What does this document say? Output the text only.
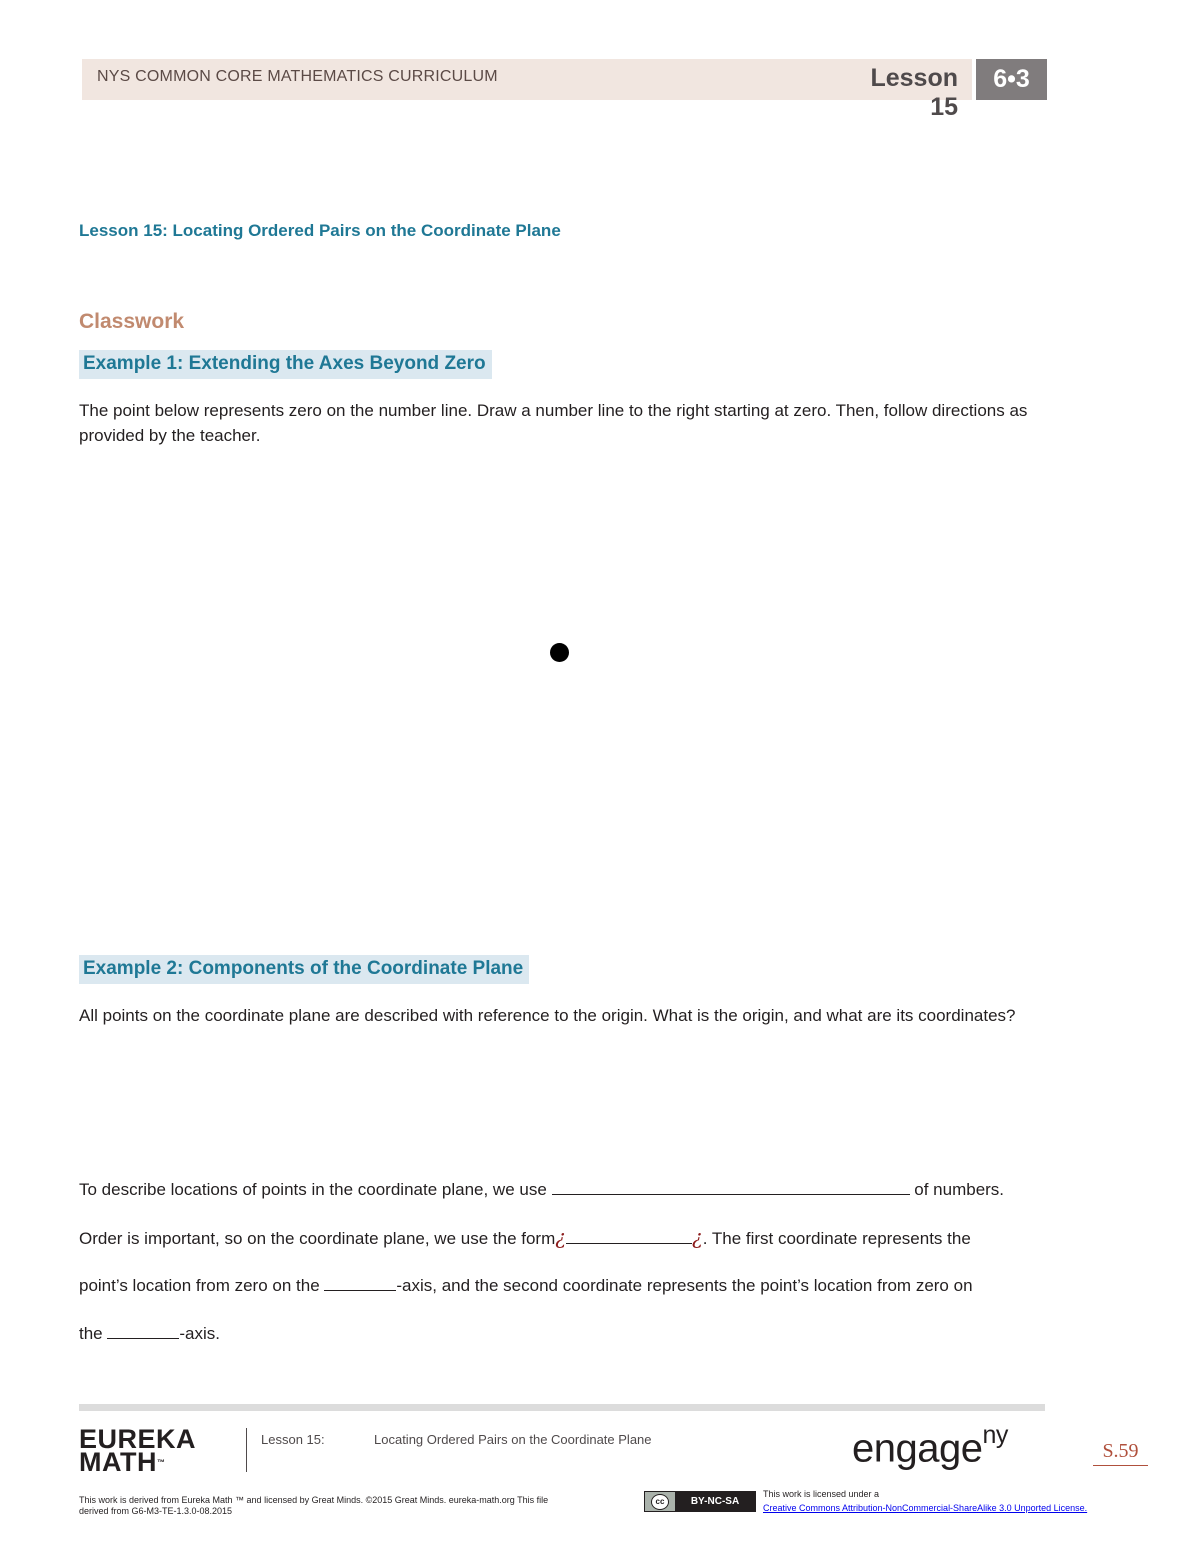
NYS COMMON CORE MATHEMATICS CURRICULUM	Lesson 15
6•3
Lesson 15: Locating Ordered Pairs on the Coordinate Plane
Classwork
Example 1: Extending the Axes Beyond Zero
The point below represents zero on the number line. Draw a number line to the right starting at zero. Then, follow directions as provided by the teacher.
Example 2: Components of the Coordinate Plane
All points on the coordinate plane are described with reference to the origin. What is the origin, and what are its coordinates?
To describe locations of points in the coordinate plane, we use	of numbers.
Order is important, so on the coordinate plane, we use the form¿	¿. The first coordinate represents the
point’s location from zero on the	-axis, and the second coordinate represents the point’s location from zero on
the	-axis.
EUREKA
MATH™
Lesson 15:	Locating Ordered Pairs on the Coordinate Plane	engage$^{ny}$
S.59
This work is derived from Eureka Math ™ and licensed by Great Minds. ©2015 Great Minds. eureka-math.org This file derived from G6-M3-TE-1.3.0-08.2015
cc	BY-NC-SA
This work is licensed under a
Creative Commons Attribution-NonCommercial-ShareAlike 3.0 Unported License.
